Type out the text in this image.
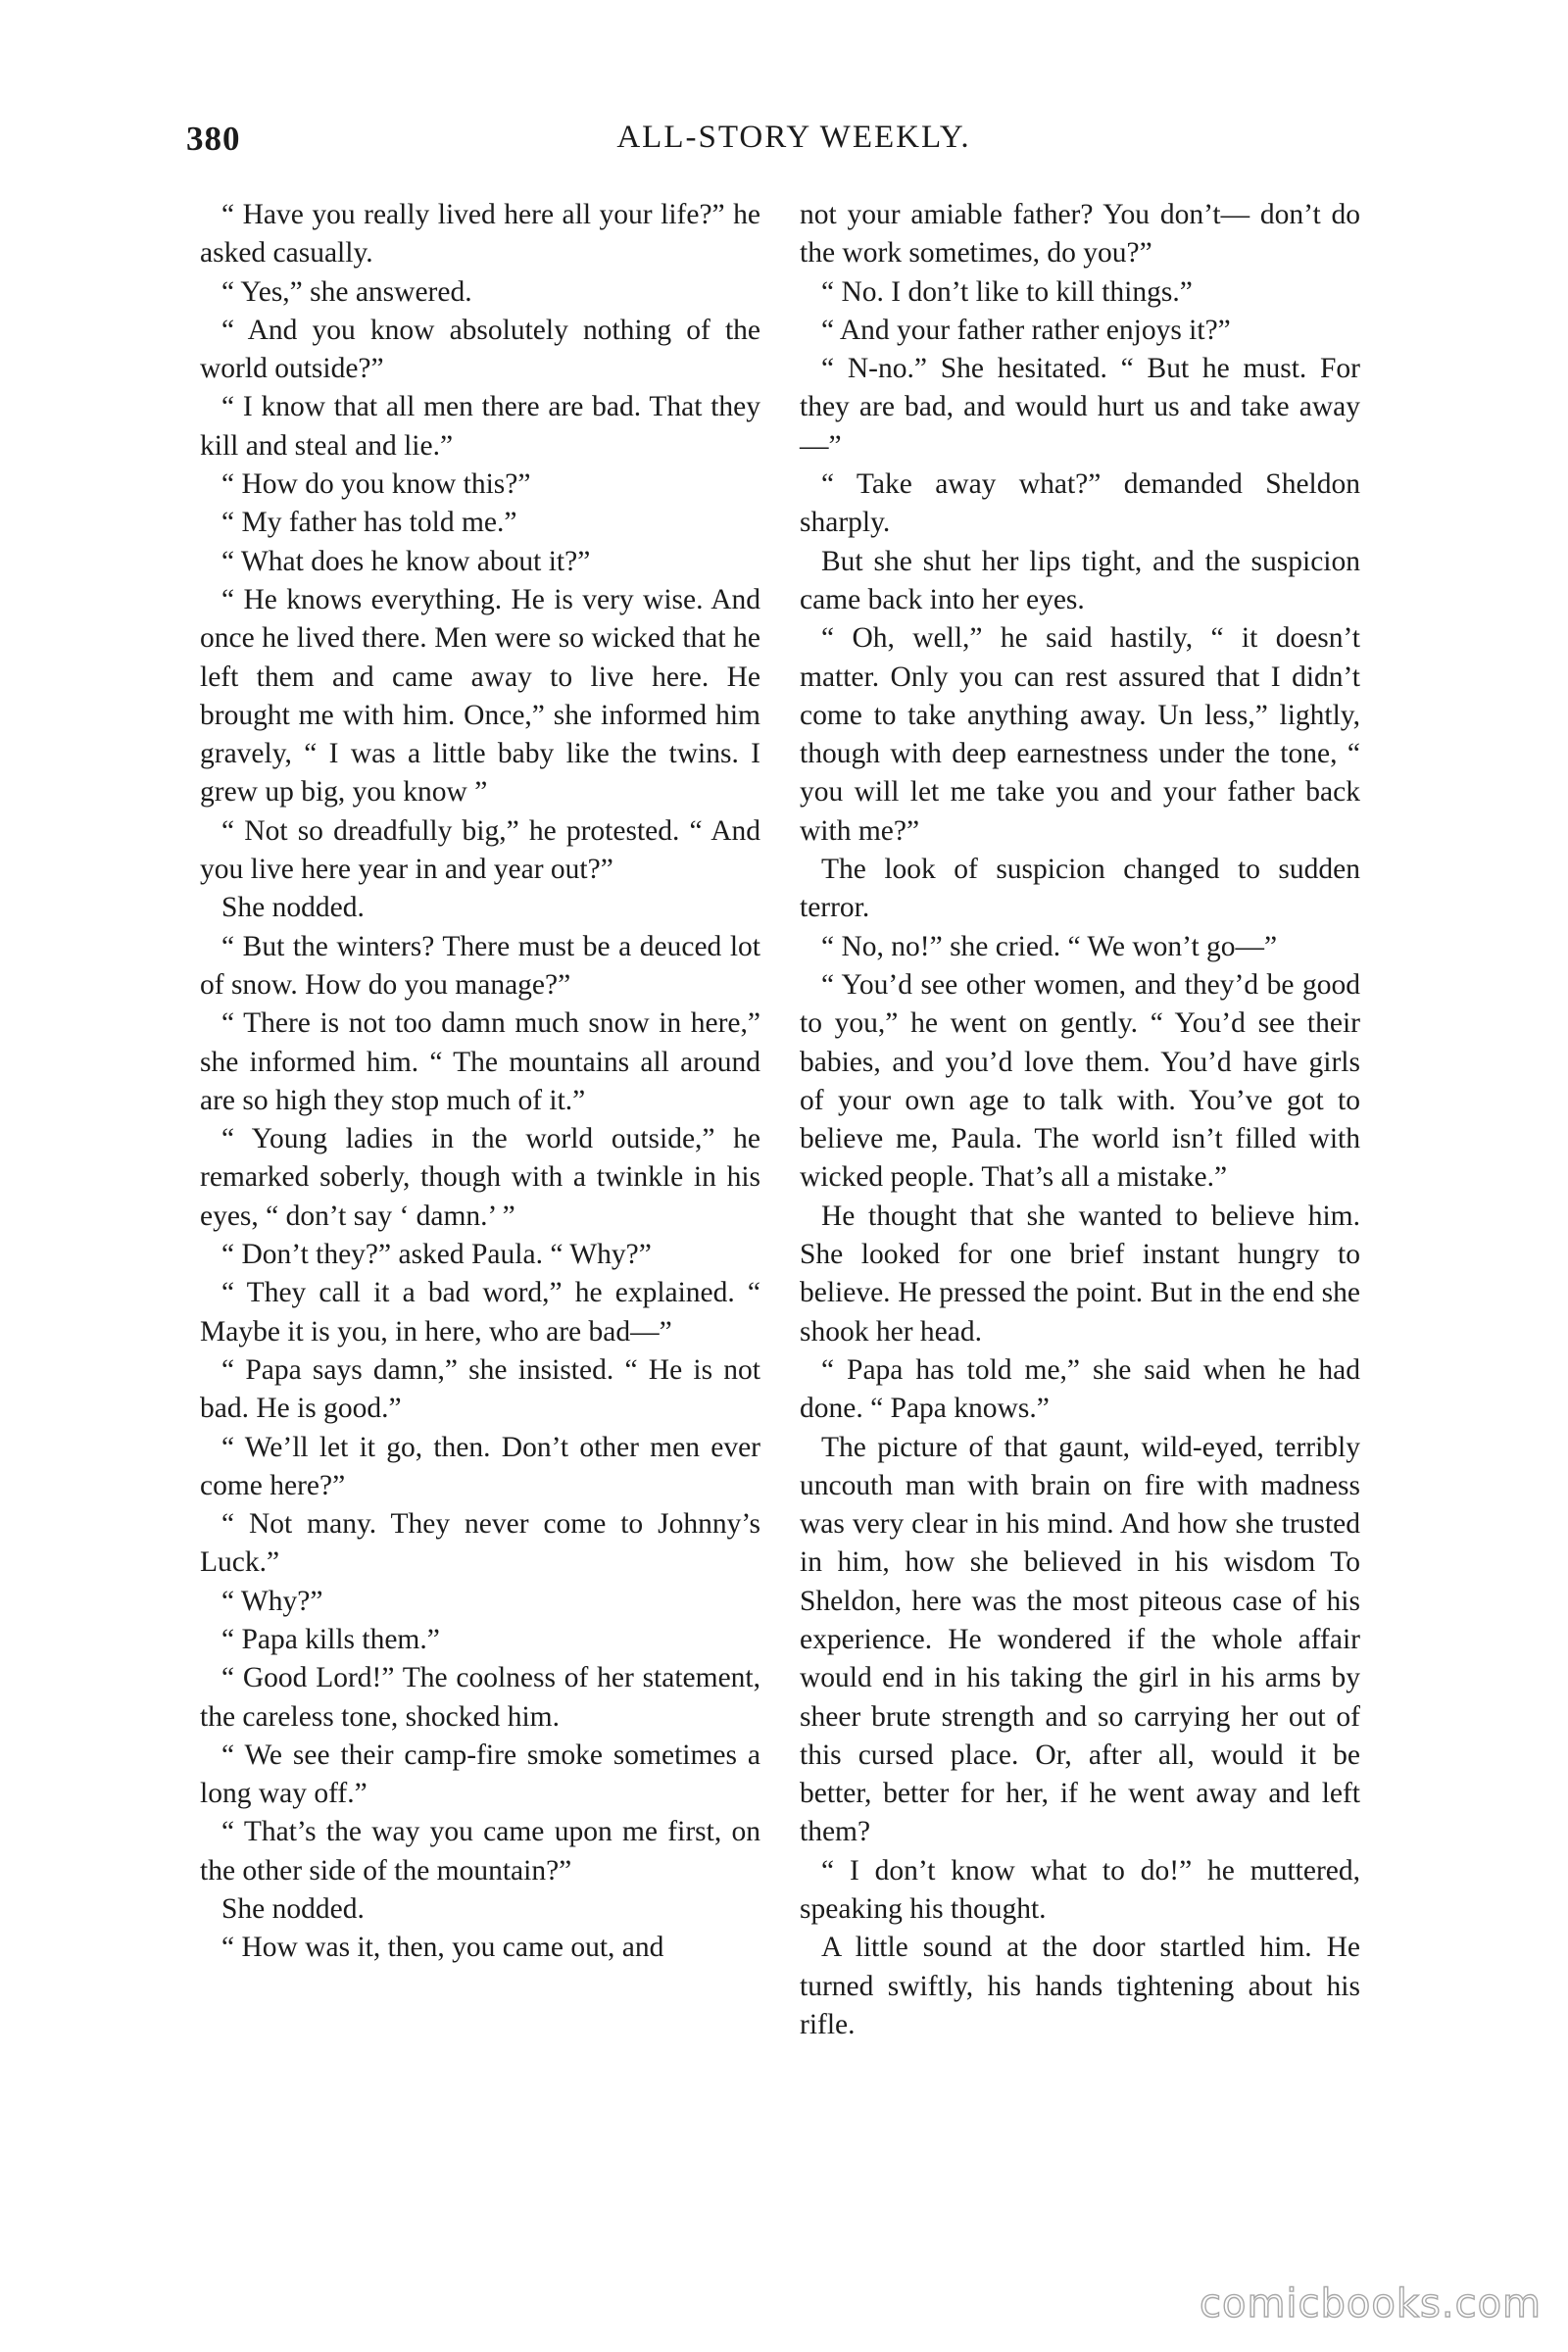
380	ALL-STORY WEEKLY.

“ Have you really lived here all your life?” he asked casually.

“ Yes,” she answered.

“ And you know absolutely nothing of the world outside?”

“ I know that all men there are bad. That they kill and steal and lie.”

“ How do you know this?”

“ My father has told me.”

“ What does he know about it?”

“ He knows everything. He is very wise. And once he lived there. Men were so wicked that he left them and came away to live here. He brought me with him. Once,” she informed him gravely, “ I was a little baby like the twins. I grew up big, you know ”

“ Not so dreadfully big,” he protested. “ And you live here year in and year out?”

She nodded.

“ But the winters? There must be a deuced lot of snow. How do you manage?”

“ There is not too damn much snow in here,” she informed him. “ The mountains all around are so high they stop much of it.”

“ Young ladies in the world outside,” he remarked soberly, though with a twinkle in his eyes, “ don’t say ‘ damn.’ ”

“ Don’t they?” asked Paula. “ Why?”

“ They call it a bad word,” he explained. “ Maybe it is you, in here, who are bad—”

“ Papa says damn,” she insisted. “ He is not bad. He is good.”

“ We’ll let it go, then. Don’t other men ever come here?”

“ Not many. They never come to Johnny’s Luck.”

“ Why?”

“ Papa kills them.”

“ Good Lord!” The coolness of her statement, the careless tone, shocked him.

“ We see their camp-fire smoke sometimes a long way off.”

“ That’s the way you came upon me first, on the other side of the mountain?”

She nodded.

“ How was it, then, you came out, and

not your amiable father? You don’t— don’t do the work sometimes, do you?”

“ No. I don’t like to kill things.”

“ And your father rather enjoys it?”

“ N-no.” She hesitated. “ But he must. For they are bad, and would hurt us and take away—”

“ Take away what?” demanded Sheldon sharply.

But she shut her lips tight, and the suspicion came back into her eyes.

“ Oh, well,” he said hastily, “ it doesn’t matter. Only you can rest assured that I didn’t come to take anything away. Un less,” lightly, though with deep earnestness under the tone, “ you will let me take you and your father back with me?”

The look of suspicion changed to sudden terror.

“ No, no!” she cried. “ We won’t go—”

“ You’d see other women, and they’d be good to you,” he went on gently. “ You’d see their babies, and you’d love them. You’d have girls of your own age to talk with. You’ve got to believe me, Paula. The world isn’t filled with wicked people. That’s all a mistake.”

He thought that she wanted to believe him. She looked for one brief instant hungry to believe. He pressed the point. But in the end she shook her head.

“ Papa has told me,” she said when he had done. “ Papa knows.”

The picture of that gaunt, wild-eyed, terribly uncouth man with brain on fire with madness was very clear in his mind. And how she trusted in him, how she believed in his wisdom To Sheldon, here was the most piteous case of his experience. He wondered if the whole affair would end in his taking the girl in his arms by sheer brute strength and so carrying her out of this cursed place. Or, after all, would it be better, better for her, if he went away and left them?

“ I don’t know what to do!” he muttered, speaking his thought.

A little sound at the door startled him. He turned swiftly, his hands tightening about his rifle.

comicbooks.com
